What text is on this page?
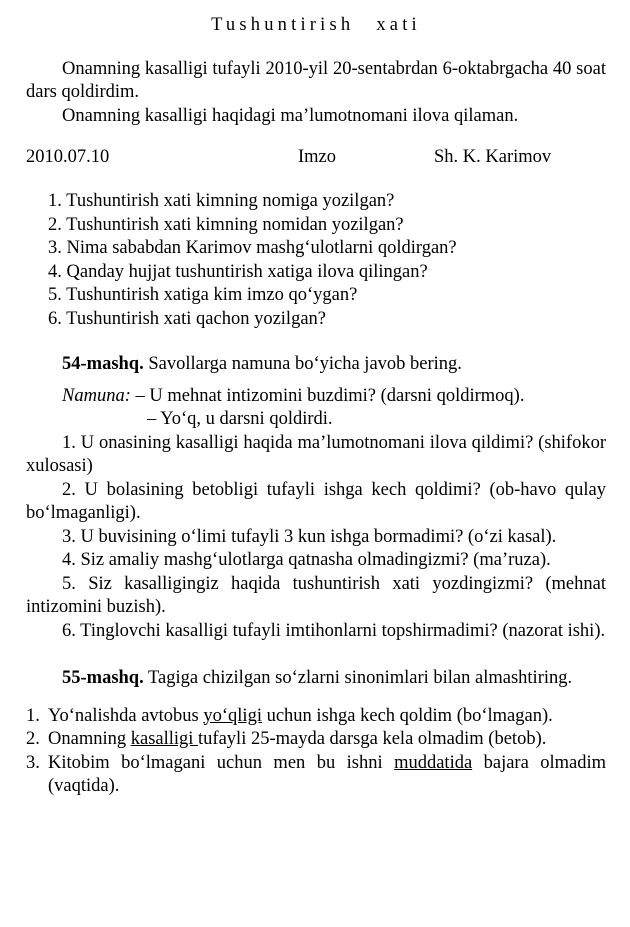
Tushuntirish xati

Onamning kasalligi tufayli 2010-yil 20-sentabrdan 6-oktabrgacha 40 soat dars qoldirdim.

Onamning kasalligi haqidagi ma’lumotnomani ilova qilaman.

2010.07.10	Imzo	Sh. K. Karimov
1. Tushuntirish xati kimning nomiga yozilgan?
2. Tushuntirish xati kimning nomidan yozilgan?
3. Nima sababdan Karimov mashg‘ulotlarni qoldirgan?
4. Qanday hujjat tushuntirish xatiga ilova qilingan?
5. Tushuntirish xatiga kim imzo qo‘ygan?
6. Tushuntirish xati qachon yozilgan?

54-mashq. Savollarga namuna bo‘yicha javob bering.

Namuna: – U mehnat intizomini buzdimi? (darsni qoldirmoq).
– Yo‘q, u darsni qoldirdi.

1. U onasining kasalligi haqida ma’lumotnomani ilova qildimi? (shifokor xulosasi)

2. U bolasining betobligi tufayli ishga kech qoldimi? (ob-havo qulay bo‘lmaganligi).

3. U buvisining o‘limi tufayli 3 kun ishga bormadimi? (o‘zi kasal).

4. Siz amaliy mashg‘ulotlarga qatnasha olmadingizmi? (ma’ruza).

5. Siz kasalligingiz haqida tushuntirish xati yozdingizmi? (mehnat intizomini buzish).

6. Tinglovchi kasalligi tufayli imtihonlarni topshirmadimi? (nazorat ishi).

55-mashq. Tagiga chizilgan so‘zlarni sinonimlari bilan almashtiring.

1. Yo‘nalishda avtobus yo‘qligi uchun ishga kech qoldim (bo‘lmagan).
2. Onamning kasalligi tufayli 25-mayda darsga kela olmadim (betob).
3. Kitobim bo‘lmagani uchun men bu ishni muddatida bajara olmadim (vaqtida).
